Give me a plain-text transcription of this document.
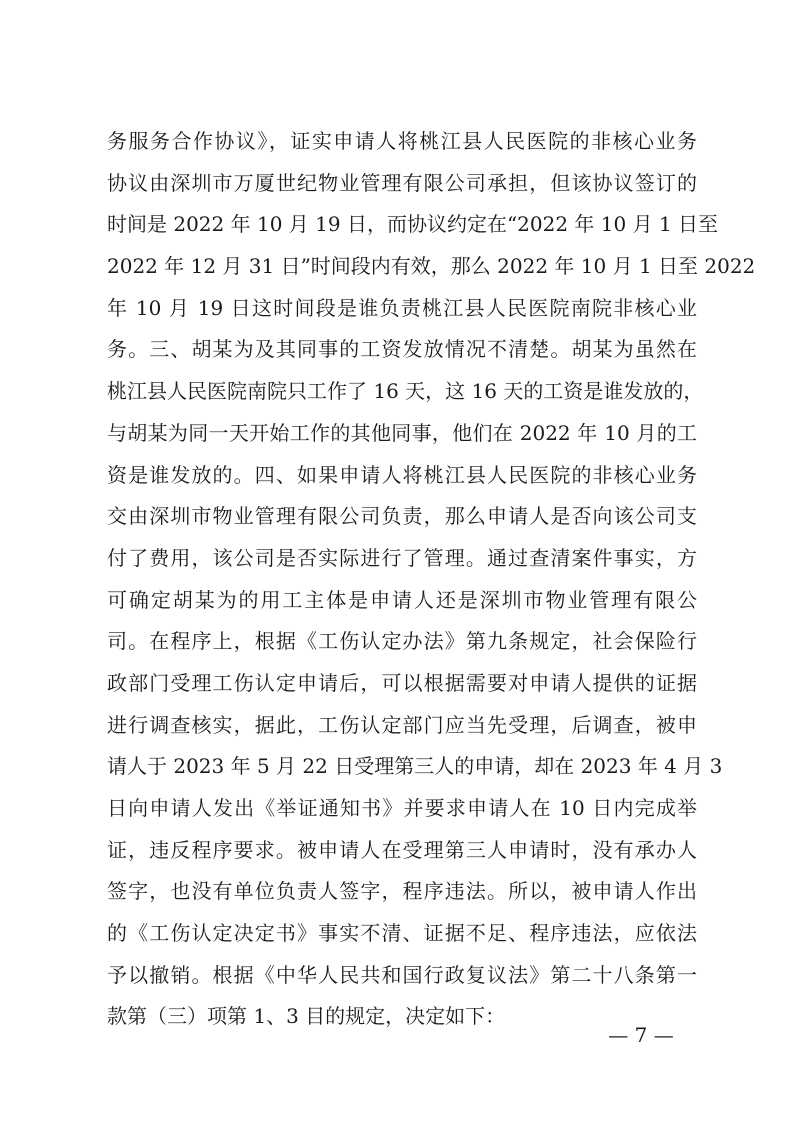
务服务合作协议》，证实申请人将桃江县人民医院的非核心业务
协议由深圳市万厦世纪物业管理有限公司承担，但该协议签订的
时间是 2022 年 10 月 19 日，而协议约定在“2022 年 10 月 1 日至
2022 年 12 月 31 日”时间段内有效，那么 2022 年 10 月 1 日至 2022
年 10 月 19 日这时间段是谁负责桃江县人民医院南院非核心业
务。三、胡某为及其同事的工资发放情况不清楚。胡某为虽然在
桃江县人民医院南院只工作了 16 天，这 16 天的工资是谁发放的，
与胡某为同一天开始工作的其他同事，他们在 2022 年 10 月的工
资是谁发放的。四、如果申请人将桃江县人民医院的非核心业务
交由深圳市物业管理有限公司负责，那么申请人是否向该公司支
付了费用，该公司是否实际进行了管理。通过查清案件事实，方
可确定胡某为的用工主体是申请人还是深圳市物业管理有限公
司。在程序上，根据《工伤认定办法》第九条规定，社会保险行
政部门受理工伤认定申请后，可以根据需要对申请人提供的证据
进行调查核实，据此，工伤认定部门应当先受理，后调查，被申
请人于 2023 年 5 月 22 日受理第三人的申请，却在 2023 年 4 月 3
日向申请人发出《举证通知书》并要求申请人在 10 日内完成举
证，违反程序要求。被申请人在受理第三人申请时，没有承办人
签字，也没有单位负责人签字，程序违法。所以，被申请人作出
的《工伤认定决定书》事实不清、证据不足、程序违法，应依法
予以撤销。根据《中华人民共和国行政复议法》第二十八条第一
款第（三）项第 1、3 目的规定，决定如下：
— 7 —
